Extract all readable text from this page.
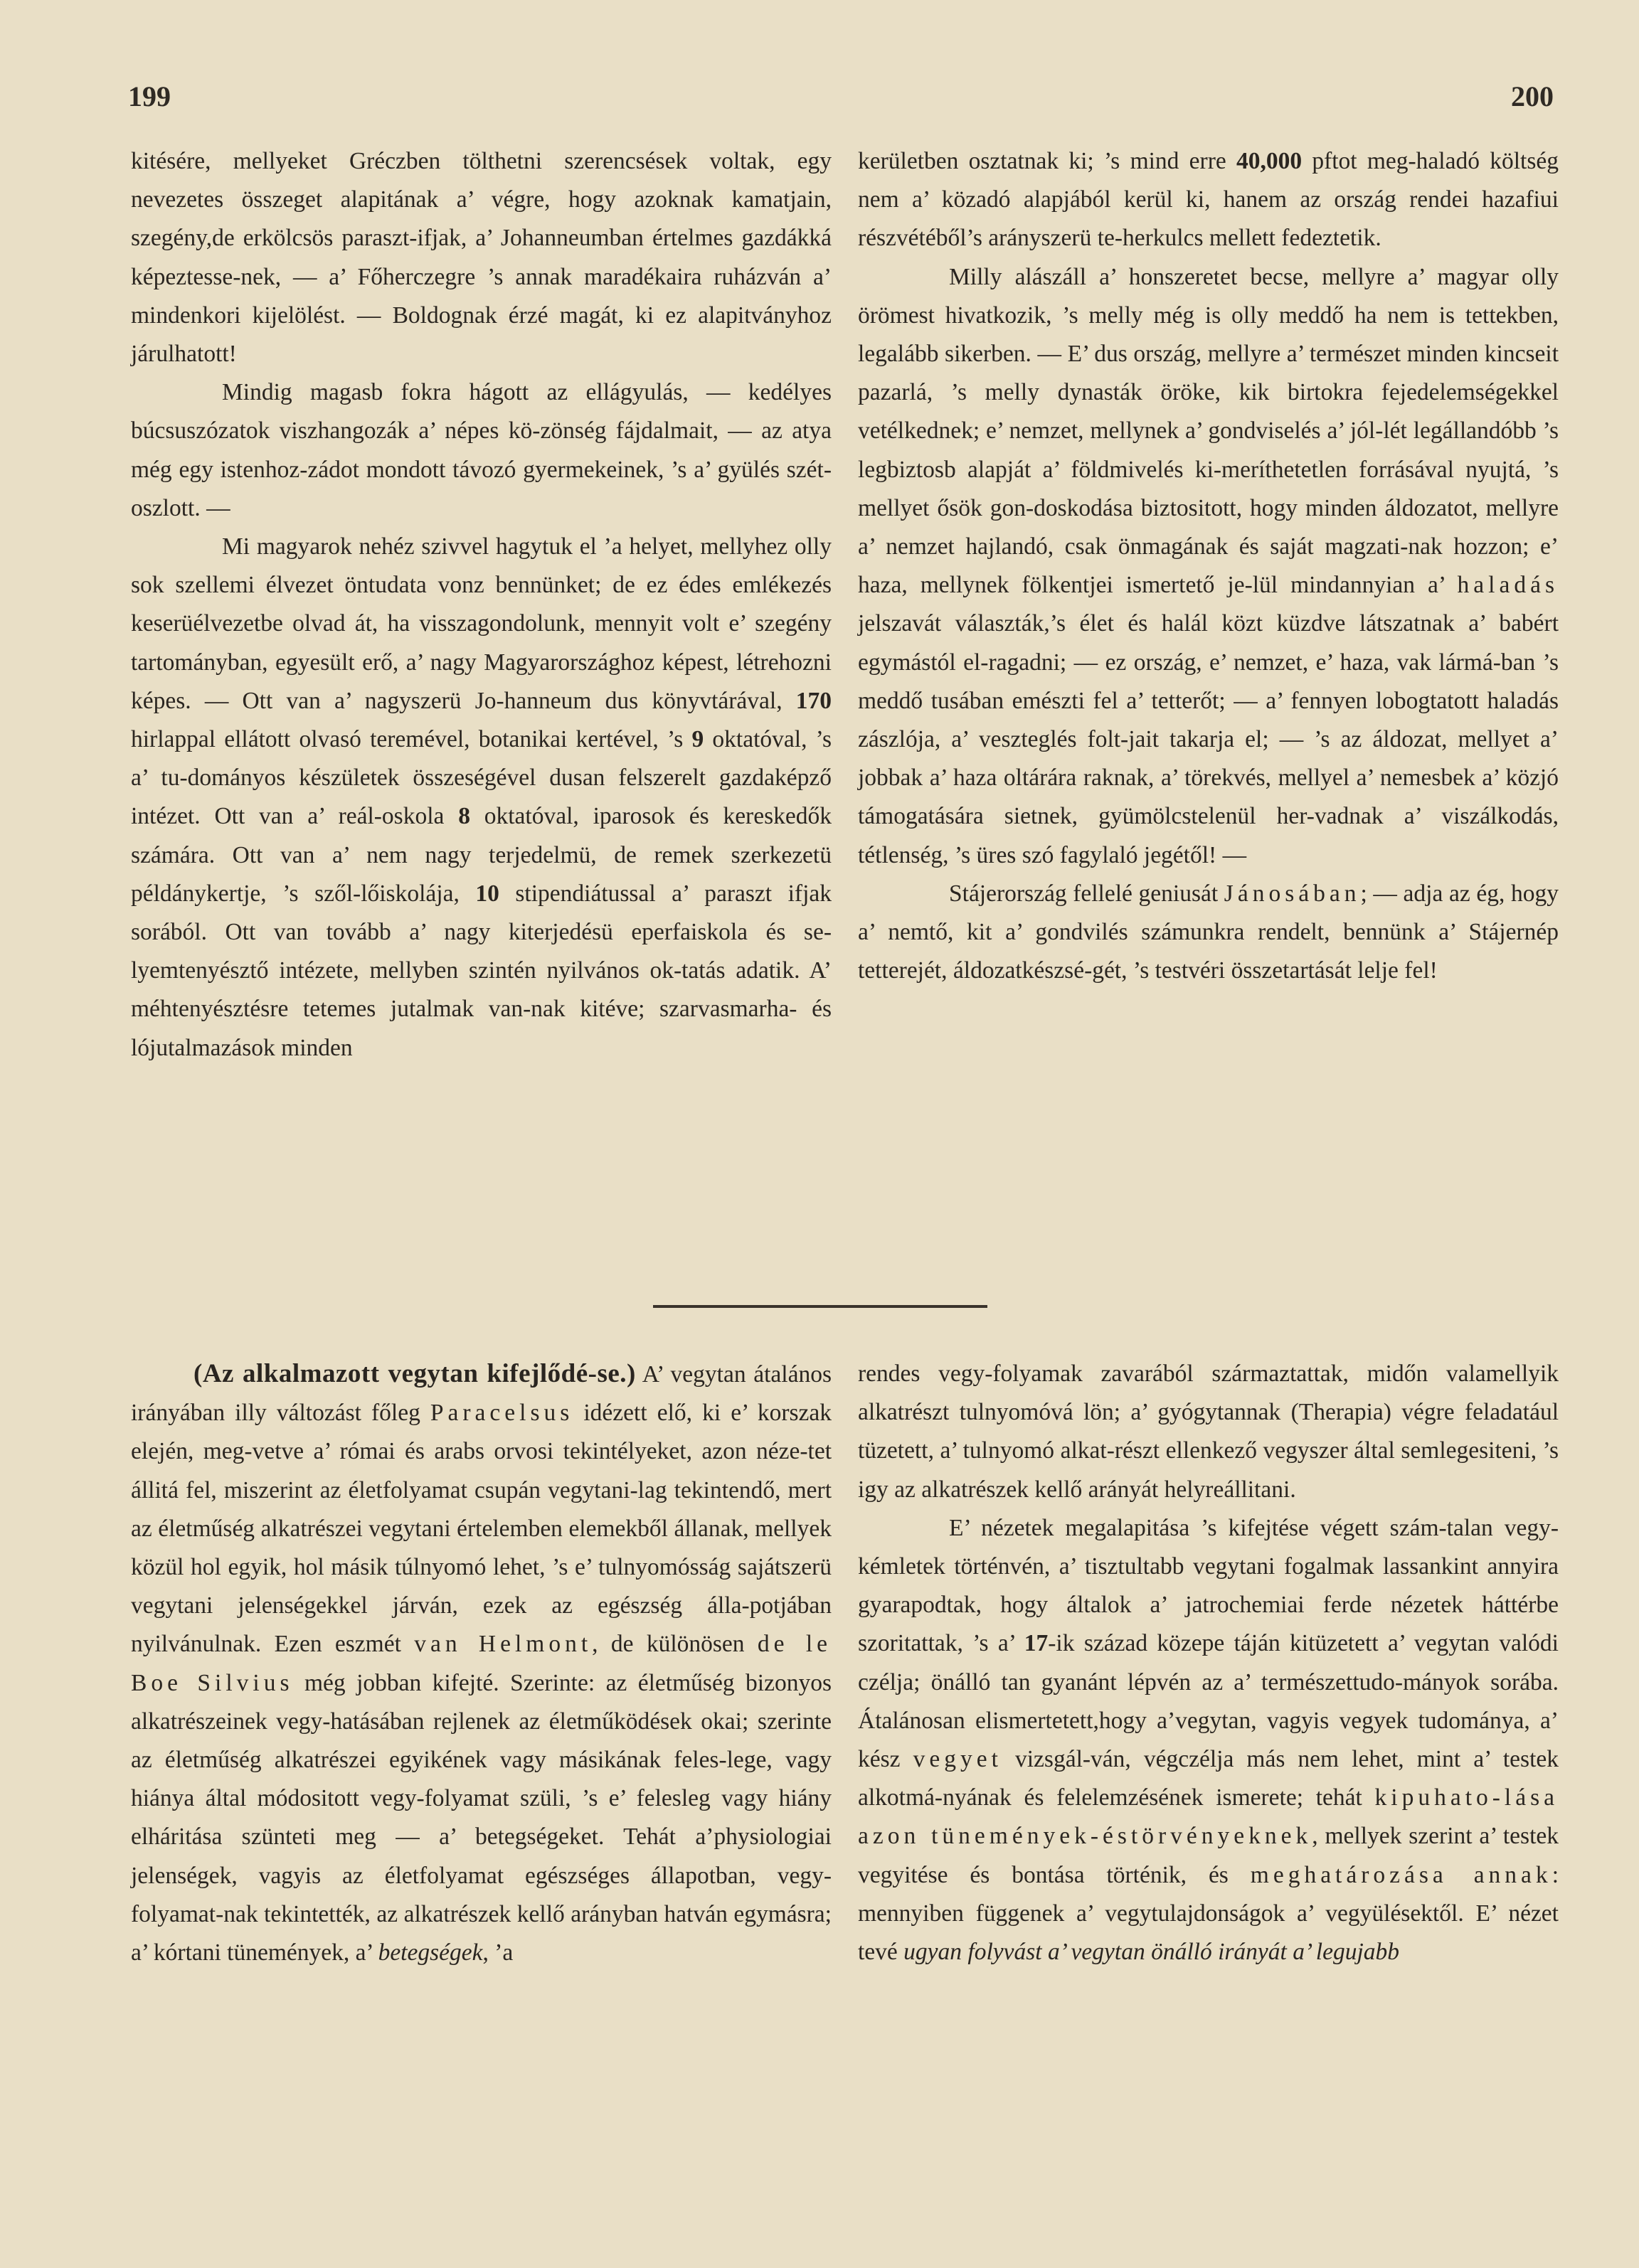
199	200

kitésére, mellyeket Gréczben tölthetni szerencsések voltak, egy nevezetes összeget alapitának a’ végre, hogy azoknak kamatjain, szegény,de erkölcsös paraszt-ifjak, a’ Johanneumban értelmes gazdákká képeztesse-nek, — a’ Főherczegre ’s annak maradékaira ruházván a’ mindenkori kijelölést. — Boldognak érzé magát, ki ez alapitványhoz járulhatott!

Mindig magasb fokra hágott az ellágyulás, — kedélyes búcsuszózatok viszhangozák a’ népes kö-zönség fájdalmait, — az atya még egy istenhoz-zádot mondott távozó gyermekeinek, ’s a’ gyülés szét-oszlott. —

Mi magyarok nehéz szivvel hagytuk el ’a helyet, mellyhez olly sok szellemi élvezet öntudata vonz bennünket; de ez édes emlékezés keserüélvezetbe olvad át, ha visszagondolunk, mennyit volt e’ szegény tartományban, egyesült erő, a’ nagy Magyarországhoz képest, létrehozni képes. — Ott van a’ nagyszerü Jo-hanneum dus könyvtárával, 170 hirlappal ellátott olvasó teremével, botanikai kertével, ’s 9 oktatóval, ’s a’ tu-dományos készületek összeségével dusan felszerelt gazdaképző intézet. Ott van a’ reál-oskola 8 oktatóval, iparosok és kereskedők számára. Ott van a’ nem nagy terjedelmü, de remek szerkezetü példánykertje, ’s szől-lőiskolája, 10 stipendiátussal a’ paraszt ifjak sorából. Ott van tovább a’ nagy kiterjedésü eperfaiskola és se-lyemtenyésztő intézete, mellyben szintén nyilvános ok-tatás adatik. A’ méhtenyésztésre tetemes jutalmak van-nak kitéve; szarvasmarha- és lójutalmazások minden

kerületben osztatnak ki; ’s mind erre 40,000 pftot meg-haladó költség nem a’ közadó alapjából kerül ki, hanem az ország rendei hazafiui részvétéből’s arányszerü te-herkulcs mellett fedeztetik.

Milly alászáll a’ honszeretet becse, mellyre a’ magyar olly örömest hivatkozik, ’s melly még is olly meddő ha nem is tettekben, legalább sikerben. — E’ dus ország, mellyre a’ természet minden kincseit pazarlá, ’s melly dynasták öröke, kik birtokra fejedelemségekkel vetélkednek; e’ nemzet, mellynek a’ gondviselés a’ jól-lét legállandóbb ’s legbiztosb alapját a’ földmivelés ki-meríthetetlen forrásával nyujtá, ’s mellyet ősök gon-doskodása biztositott, hogy minden áldozatot, mellyre a’ nemzet hajlandó, csak önmagának és saját magzati-nak hozzon; e’ haza, mellynek fölkentjei ismertető je-lül mindannyian a’ haladás jelszavát választák,’s élet és halál közt küzdve látszatnak a’ babért egymástól el-ragadni; — ez ország, e’ nemzet, e’ haza, vak lármá-ban ’s meddő tusában emészti fel a’ tetterőt; — a’ fennyen lobogtatott haladás zászlója, a’ veszteglés folt-jait takarja el; — ’s az áldozat, mellyet a’ jobbak a’ haza oltárára raknak, a’ törekvés, mellyel a’ nemesbek a’ közjó támogatására sietnek, gyümölcstelenül her-vadnak a’ viszálkodás, tétlenség, ’s üres szó fagylaló jegétől! —

Stájerország fellelé geniusát Jánosában; — adja az ég, hogy a’ nemtő, kit a’ gondvilés számunkra rendelt, bennünk a’ Stájernép tetterejét, áldozatkészsé-gét, ’s testvéri összetartását lelje fel!

(Az alkalmazott vegytan kifejlődé-se.) A’ vegytan átalános irányában illy változást főleg Paracelsus idézett elő, ki e’ korszak elején, meg-vetve a’ római és arabs orvosi tekintélyeket, azon néze-tet állitá fel, miszerint az életfolyamat csupán vegytani-lag tekintendő, mert az életműség alkatrészei vegytani értelemben elemekből állanak, mellyek közül hol egyik, hol másik túlnyomó lehet, ’s e’ tulnyomósság sajátszerü vegytani jelenségekkel járván, ezek az egészség álla-potjában nyilvánulnak. Ezen eszmét van Helmont, de különösen de le Boe Silvius még jobban kifejté. Szerinte: az életműség bizonyos alkatrészeinek vegy-hatásában rejlenek az életműködések okai; szerinte az életműség alkatrészei egyikének vagy másikának feles-lege, vagy hiánya által módositott vegy-folyamat szüli, ’s e’ felesleg vagy hiány elháritása szünteti meg — a’ betegségeket. Tehát a’physiologiai jelenségek, vagyis az életfolyamat egészséges állapotban, vegy-folyamat-nak tekintették, az alkatrészek kellő arányban hatván egymásra; a’ kórtani tünemények, a’ betegségek, ’a

rendes vegy-folyamak zavarából származtattak, midőn valamellyik alkatrészt tulnyomóvá lön; a’ gyógytannak (Therapia) végre feladatául tüzetett, a’ tulnyomó alkat-részt ellenkező vegyszer által semlegesiteni, ’s igy az alkatrészek kellő arányát helyreállitani.

E’ nézetek megalapitása ’s kifejtése végett szám-talan vegy-kémletek történvén, a’ tisztultabb vegytani fogalmak lassankint annyira gyarapodtak, hogy általok a’ jatrochemiai ferde nézetek háttérbe szoritattak, ’s a’ 17-ik század közepe táján kitüzetett a’ vegytan valódi czélja; önálló tan gyanánt lépvén az a’ természettudo-mányok sorába. Átalánosan elismertetett,hogy a’vegytan, vagyis vegyek tudománya, a’ kész vegyet vizsgál-ván, végczélja más nem lehet, mint a’ testek alkotmá-nyának és felelemzésének ismerete; tehát kipuhato-lása azon tünemények-éstörvényeknek, mellyek szerint a’ testek vegyitése és bontása történik, és meghatározása annak: mennyiben függenek a’ vegytulajdonságok a’ vegyülésektől. E’ nézet tevé ugyan folyvást a’ vegytan önálló irányát a’ legujabb
